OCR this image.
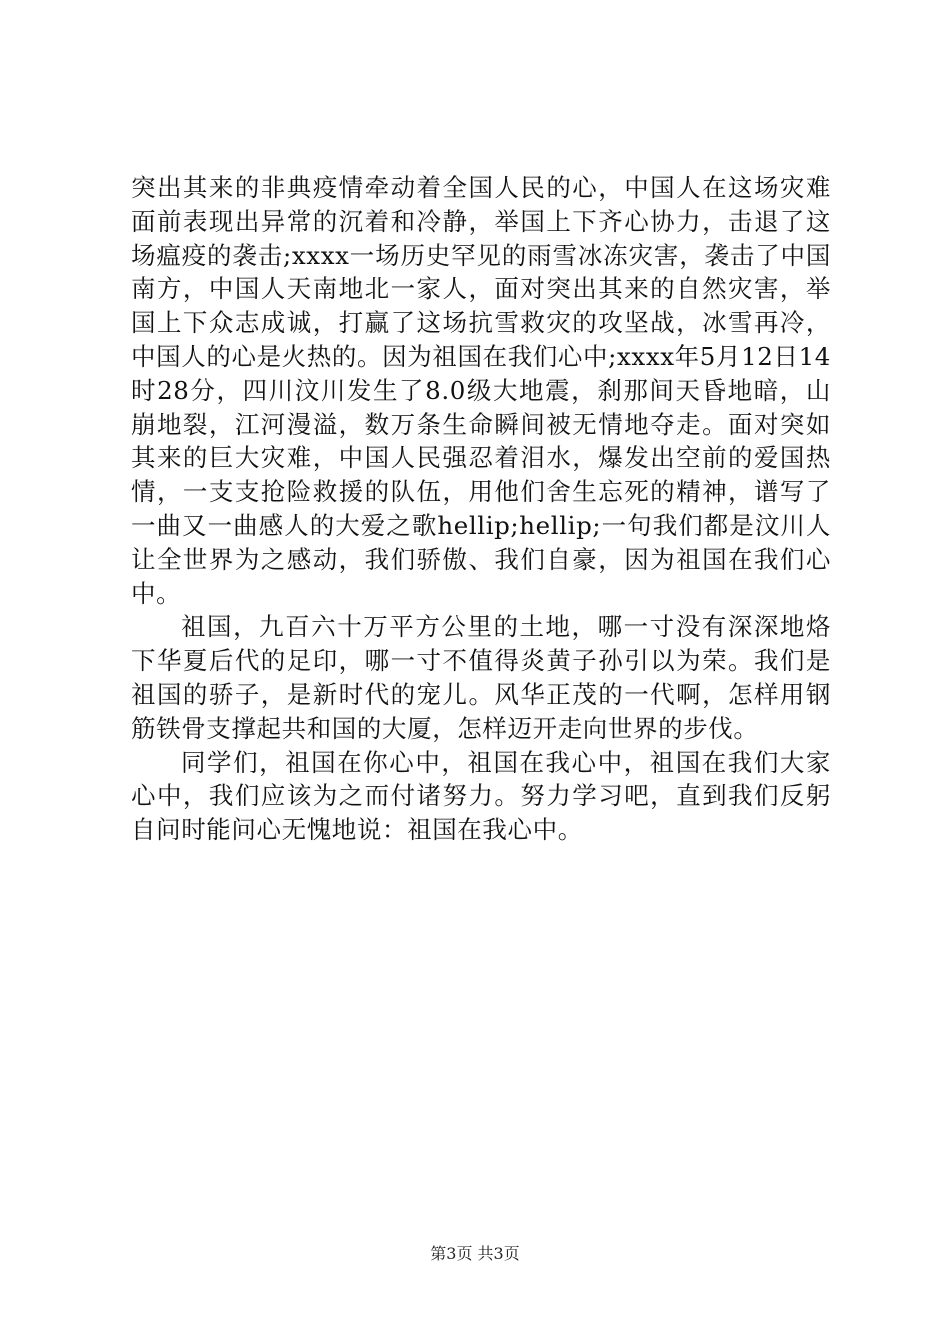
突出其来的非典疫情牵动着全国人民的心，中国人在这场灾难面前表现出异常的沉着和冷静，举国上下齐心协力，击退了这场瘟疫的袭击;xxxx一场历史罕见的雨雪冰冻灾害，袭击了中国南方，中国人天南地北一家人，面对突出其来的自然灾害，举国上下众志成诚，打赢了这场抗雪救灾的攻坚战，冰雪再冷，中国人的心是火热的。因为祖国在我们心中;xxxx年5月12日14时28分，四川汶川发生了8.0级大地震，刹那间天昏地暗，山崩地裂，江河漫溢，数万条生命瞬间被无情地夺走。面对突如其来的巨大灾难，中国人民强忍着泪水，爆发出空前的爱国热情，一支支抢险救援的队伍，用他们舍生忘死的精神，谱写了一曲又一曲感人的大爱之歌hellip;hellip;一句我们都是汶川人让全世界为之感动，我们骄傲、我们自豪，因为祖国在我们心中。

祖国，九百六十万平方公里的土地，哪一寸没有深深地烙下华夏后代的足印，哪一寸不值得炎黄子孙引以为荣。我们是祖国的骄子，是新时代的宠儿。风华正茂的一代啊，怎样用钢筋铁骨支撑起共和国的大厦，怎样迈开走向世界的步伐。

同学们，祖国在你心中，祖国在我心中，祖国在我们大家心中，我们应该为之而付诸努力。努力学习吧，直到我们反躬自问时能问心无愧地说：祖国在我心中。

第3页 共3页
